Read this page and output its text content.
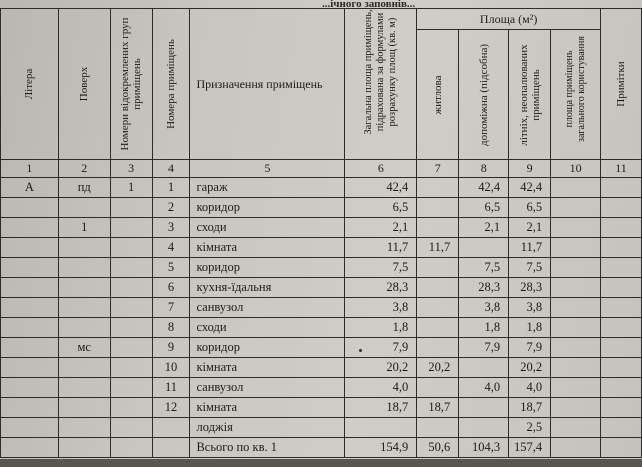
...ічного заповнів...
Літера	Поверх	Номери відокремлених груп приміщень	Номера приміщень	Призначення приміщень	Загальна площа приміщень, підрахована за формулами розрахунку площ (кв. м)	Площа (м²)				Примітки

						житлова	допоміжна (підсобна)	літніх, неопалюваних приміщень	площа приміщень загального користування	

1	2	3	4	5	6	7	8	9	10	11
А	пд	1	1	гараж	42,4		42,4	42,4		
			2	коридор	6,5		6,5	6,5		
	1		3	сходи	2,1		2,1	2,1		
			4	кімната	11,7	11,7		11,7		
			5	коридор	7,5		7,5	7,5		
			6	кухня-їдальня	28,3		28,3	28,3		
			7	санвузол	3,8		3,8	3,8		
			8	сходи	1,8		1,8	1,8		
	мс		9	коридор	7,9		7,9	7,9		
			10	кімната	20,2	20,2		20,2		
			11	санвузол	4,0		4,0	4,0		
			12	кімната	18,7	18,7		18,7		
				лоджія				2,5		
				Всього по кв. 1	154,9	50,6	104,3	157,4		
